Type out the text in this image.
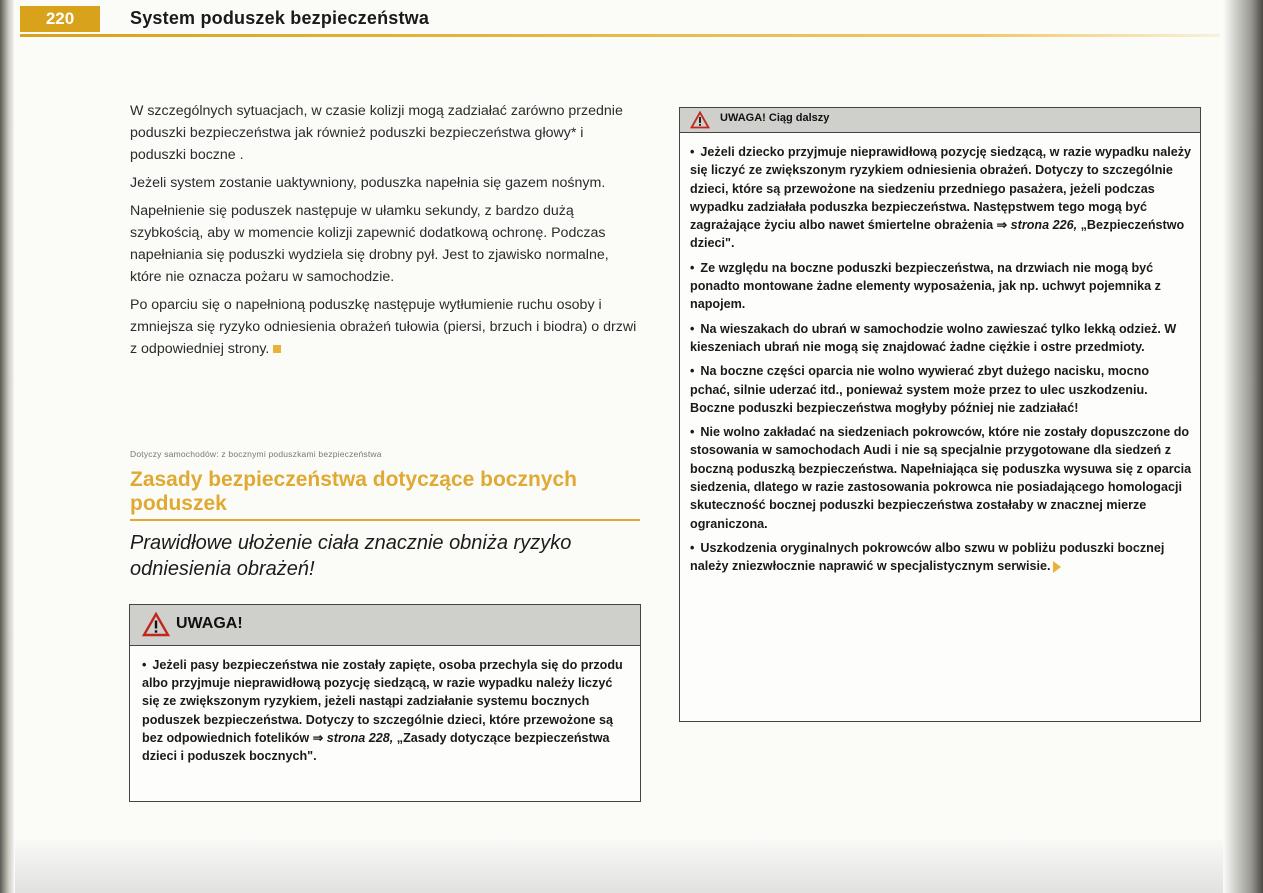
220	System poduszek bezpieczeństwa

W szczególnych sytuacjach, w czasie kolizji mogą zadziałać zarówno przednie poduszki bezpieczeństwa jak również poduszki bezpieczeństwa głowy* i poduszki boczne .

Jeżeli system zostanie uaktywniony, poduszka napełnia się gazem nośnym.

Napełnienie się poduszek następuje w ułamku sekundy, z bardzo dużą szybkością, aby w momencie kolizji zapewnić dodatkową ochronę. Podczas napełniania się poduszki wydziela się drobny pył. Jest to zjawisko normalne, które nie oznacza pożaru w samochodzie.

Po oparciu się o napełnioną poduszkę następuje wytłumienie ruchu osoby i zmniejsza się ryzyko odniesienia obrażeń tułowia (piersi, brzuch i biodra) o drzwi z odpowiedniej strony.

Dotyczy samochodów: z bocznymi poduszkami bezpieczeństwa
Zasady bezpieczeństwa dotyczące bocznych poduszek
Prawidłowe ułożenie ciała znacznie obniża ryzyko odniesienia obrażeń!
UWAGA!

• Jeżeli pasy bezpieczeństwa nie zostały zapięte, osoba przechyla się do przodu albo przyjmuje nieprawidłową pozycję siedzącą, w razie wypadku należy liczyć się ze zwiększonym ryzykiem, jeżeli nastąpi zadziałanie systemu bocznych poduszek bezpieczeństwa. Dotyczy to szczególnie dzieci, które przewożone są bez odpowiednich fotelików ⇒ strona 228, „Zasady dotyczące bezpieczeństwa dzieci i poduszek bocznych".

UWAGA! Ciąg dalszy

• Jeżeli dziecko przyjmuje nieprawidłową pozycję siedzącą, w razie wypadku należy się liczyć ze zwiększonym ryzykiem odniesienia obrażeń. Dotyczy to szczególnie dzieci, które są przewożone na siedzeniu przedniego pasażera, jeżeli podczas wypadku zadziałała poduszka bezpieczeństwa. Następstwem tego mogą być zagrażające życiu albo nawet śmiertelne obrażenia ⇒ strona 226, „Bezpieczeństwo dzieci".

• Ze względu na boczne poduszki bezpieczeństwa, na drzwiach nie mogą być ponadto montowane żadne elementy wyposażenia, jak np. uchwyt pojemnika z napojem.

• Na wieszakach do ubrań w samochodzie wolno zawieszać tylko lekką odzież. W kieszeniach ubrań nie mogą się znajdować żadne ciężkie i ostre przedmioty.

• Na boczne części oparcia nie wolno wywierać zbyt dużego nacisku, mocno pchać, silnie uderzać itd., ponieważ system może przez to ulec uszkodzeniu. Boczne poduszki bezpieczeństwa mogłyby później nie zadziałać!

• Nie wolno zakładać na siedzeniach pokrowców, które nie zostały dopuszczone do stosowania w samochodach Audi i nie są specjalnie przygotowane dla siedzeń z boczną poduszką bezpieczeństwa. Napełniająca się poduszka wysuwa się z oparcia siedzenia, dlatego w razie zastosowania pokrowca nie posiadającego homologacji skuteczność bocznej poduszki bezpieczeństwa zostałaby w znacznej mierze ograniczona.

• Uszkodzenia oryginalnych pokrowców albo szwu w pobliżu poduszki bocznej należy zniezwłocznie naprawić w specjalistycznym serwisie.
